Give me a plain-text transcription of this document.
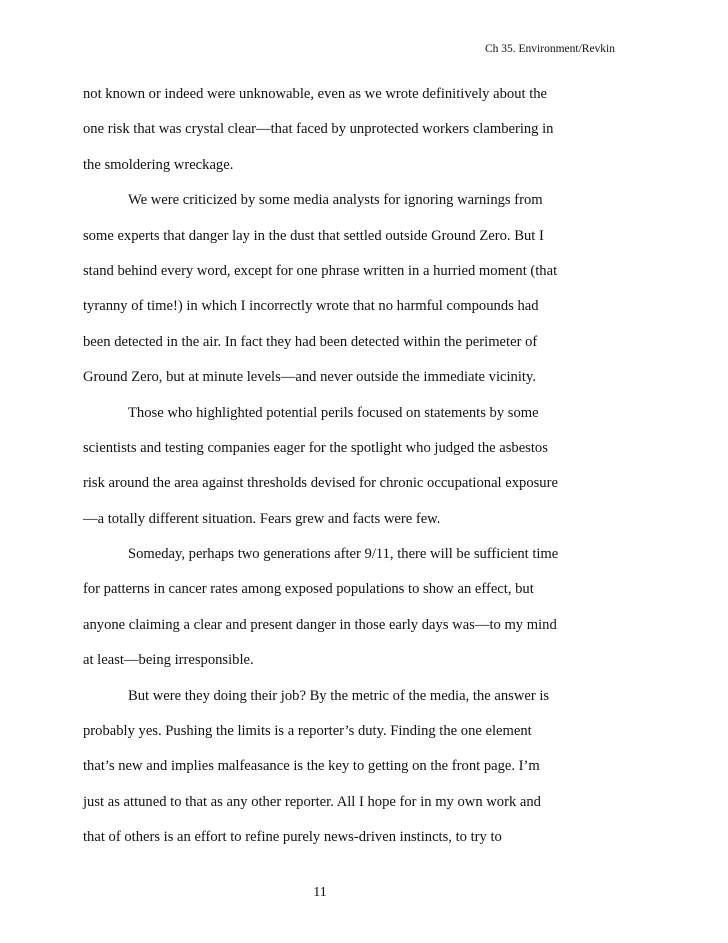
Ch 35. Environment/Revkin
not known or indeed were unknowable, even as we wrote definitively about the
one risk that was crystal clear—that faced by unprotected workers clambering in
the smoldering wreckage.
We were criticized by some media analysts for ignoring warnings from
some experts that danger lay in the dust that settled outside Ground Zero. But I
stand behind every word, except for one phrase written in a hurried moment (that
tyranny of time!) in which I incorrectly wrote that no harmful compounds had
been detected in the air. In fact they had been detected within the perimeter of
Ground Zero, but at minute levels—and never outside the immediate vicinity.
Those who highlighted potential perils focused on statements by some
scientists and testing companies eager for the spotlight who judged the asbestos
risk around the area against thresholds devised for chronic occupational exposure
—a totally different situation. Fears grew and facts were few.
Someday, perhaps two generations after 9/11, there will be sufficient time
for patterns in cancer rates among exposed populations to show an effect, but
anyone claiming a clear and present danger in those early days was—to my mind
at least—being irresponsible.
But were they doing their job? By the metric of the media, the answer is
probably yes. Pushing the limits is a reporter’s duty. Finding the one element
that’s new and implies malfeasance is the key to getting on the front page. I’m
just as attuned to that as any other reporter. All I hope for in my own work and
that of others is an effort to refine purely news-driven instincts, to try to
11
